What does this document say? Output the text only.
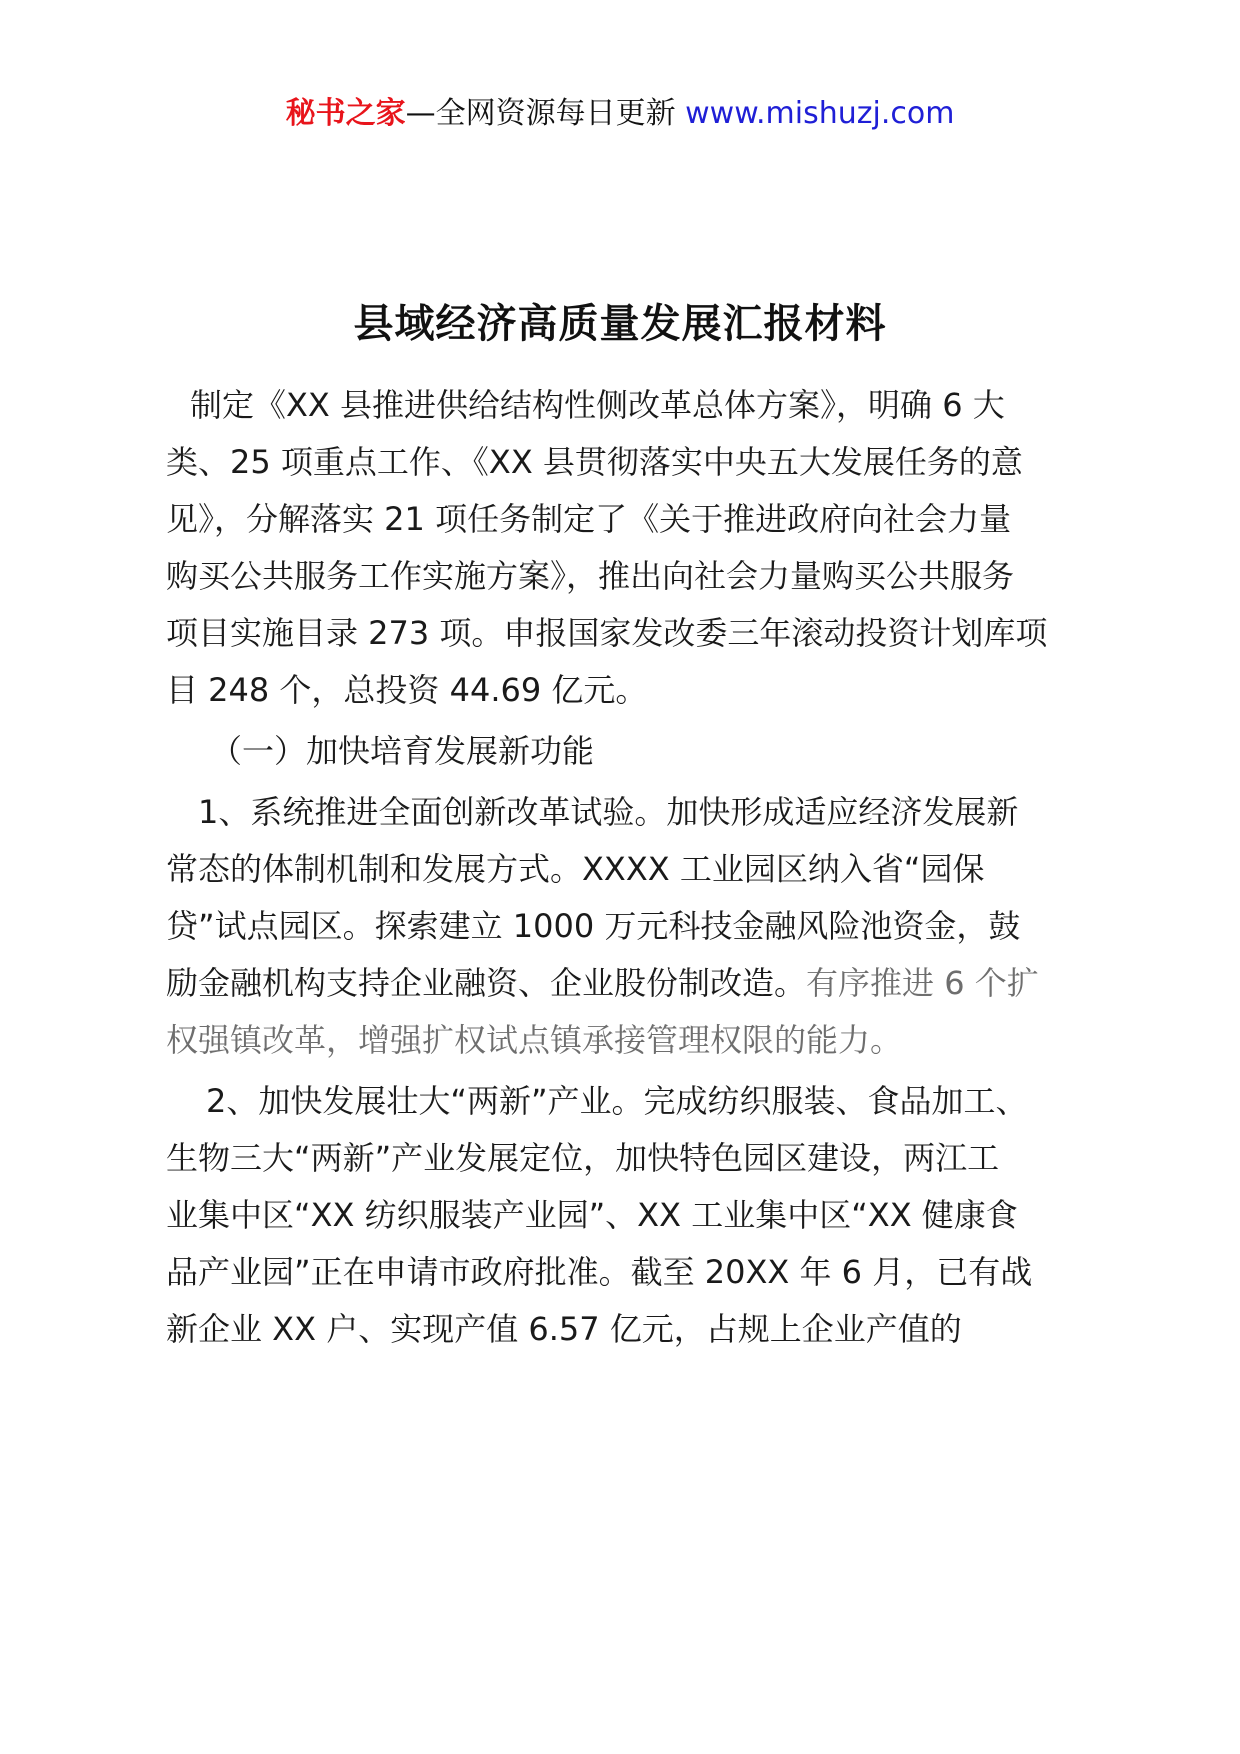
秘书之家—全网资源每日更新 www.mishuzj.com
县域经济高质量发展汇报材料
制定《XX 县推进供给结构性侧改革总体方案》，明确 6 大
类、25 项重点工作、《XX 县贯彻落实中央五大发展任务的意
见》，分解落实 21 项任务制定了《关于推进政府向社会力量
购买公共服务工作实施方案》，推出向社会力量购买公共服务
项目实施目录 273 项。申报国家发改委三年滚动投资计划库项
目 248 个，总投资 44.69 亿元。
（一）加快培育发展新功能
1、系统推进全面创新改革试验。加快形成适应经济发展新
常态的体制机制和发展方式。XXXX 工业园区纳入省“园保
贷”试点园区。探索建立 1000 万元科技金融风险池资金，鼓
励金融机构支持企业融资、企业股份制改造。有序推进 6 个扩
权强镇改革，增强扩权试点镇承接管理权限的能力。
2、加快发展壮大“两新”产业。完成纺织服装、食品加工、
生物三大“两新”产业发展定位，加快特色园区建设，两江工
业集中区“XX 纺织服装产业园”、XX 工业集中区“XX 健康食
品产业园”正在申请市政府批准。截至 20XX 年 6 月，已有战
新企业 XX 户、实现产值 6.57 亿元，占规上企业产值的
